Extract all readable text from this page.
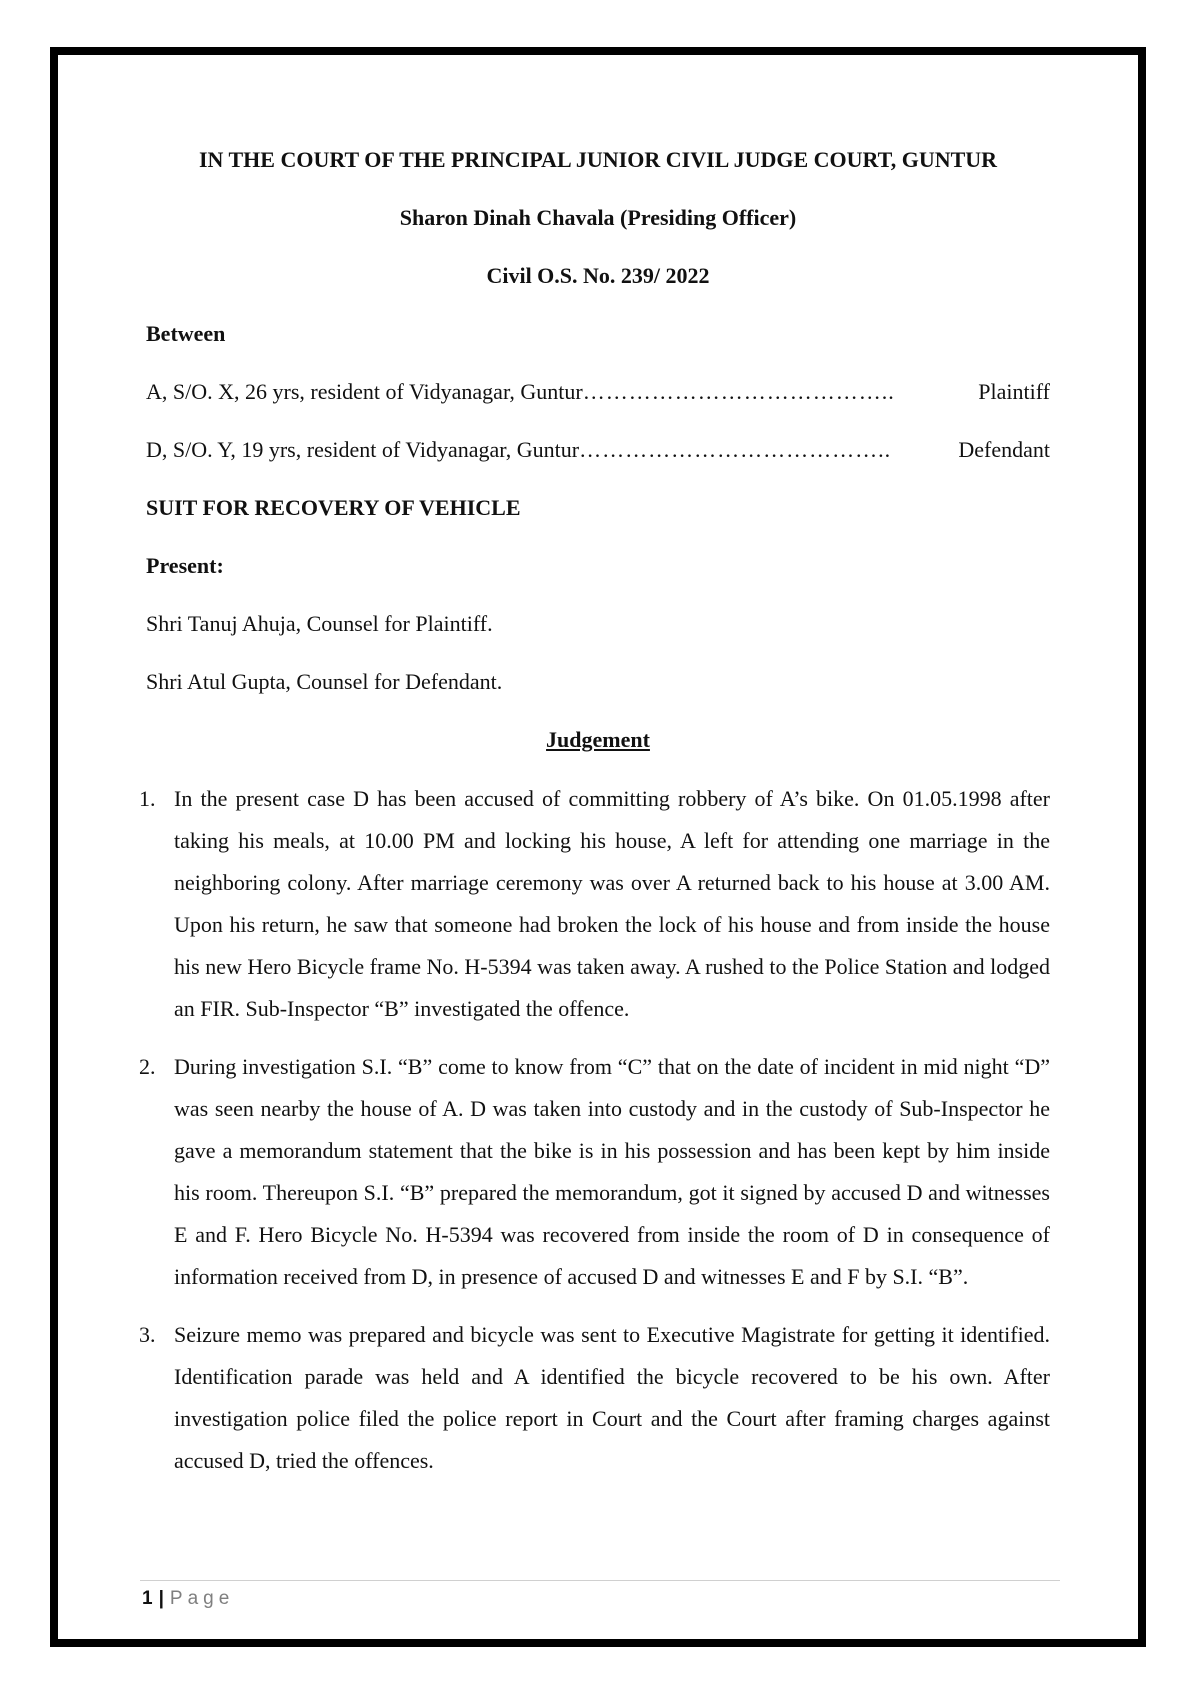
IN THE COURT OF THE PRINCIPAL JUNIOR CIVIL JUDGE COURT, GUNTUR

Sharon Dinah Chavala (Presiding Officer)

Civil O.S. No. 239/ 2022

Between

A, S/O. X, 26 yrs, resident of Vidyanagar, Guntur …………………………………..	Plaintiff

D, S/O. Y, 19 yrs, resident of Vidyanagar, Guntur …………………………………..	Defendant

SUIT FOR RECOVERY OF VEHICLE

Present:

Shri Tanuj Ahuja, Counsel for Plaintiff.

Shri Atul Gupta, Counsel for Defendant.

Judgement

1. In the present case D has been accused of committing robbery of A’s bike. On 01.05.1998 after taking his meals, at 10.00 PM and locking his house, A left for attending one marriage in the neighboring colony. After marriage ceremony was over A returned back to his house at 3.00 AM. Upon his return, he saw that someone had broken the lock of his house and from inside the house his new Hero Bicycle frame No. H-5394 was taken away. A rushed to the Police Station and lodged an FIR. Sub-Inspector “B” investigated the offence.
2. During investigation S.I. “B” come to know from “C” that on the date of incident in mid night “D” was seen nearby the house of A. D was taken into custody and in the custody of Sub-Inspector he gave a memorandum statement that the bike is in his possession and has been kept by him inside his room. Thereupon S.I. “B” prepared the memorandum, got it signed by accused D and witnesses E and F. Hero Bicycle No. H-5394 was recovered from inside the room of D in consequence of information received from D, in presence of accused D and witnesses E and F by S.I. “B”.
3. Seizure memo was prepared and bicycle was sent to Executive Magistrate for getting it identified. Identification parade was held and A identified the bicycle recovered to be his own. After investigation police filed the police report in Court and the Court after framing charges against accused D, tried the offences.
1 | Page
